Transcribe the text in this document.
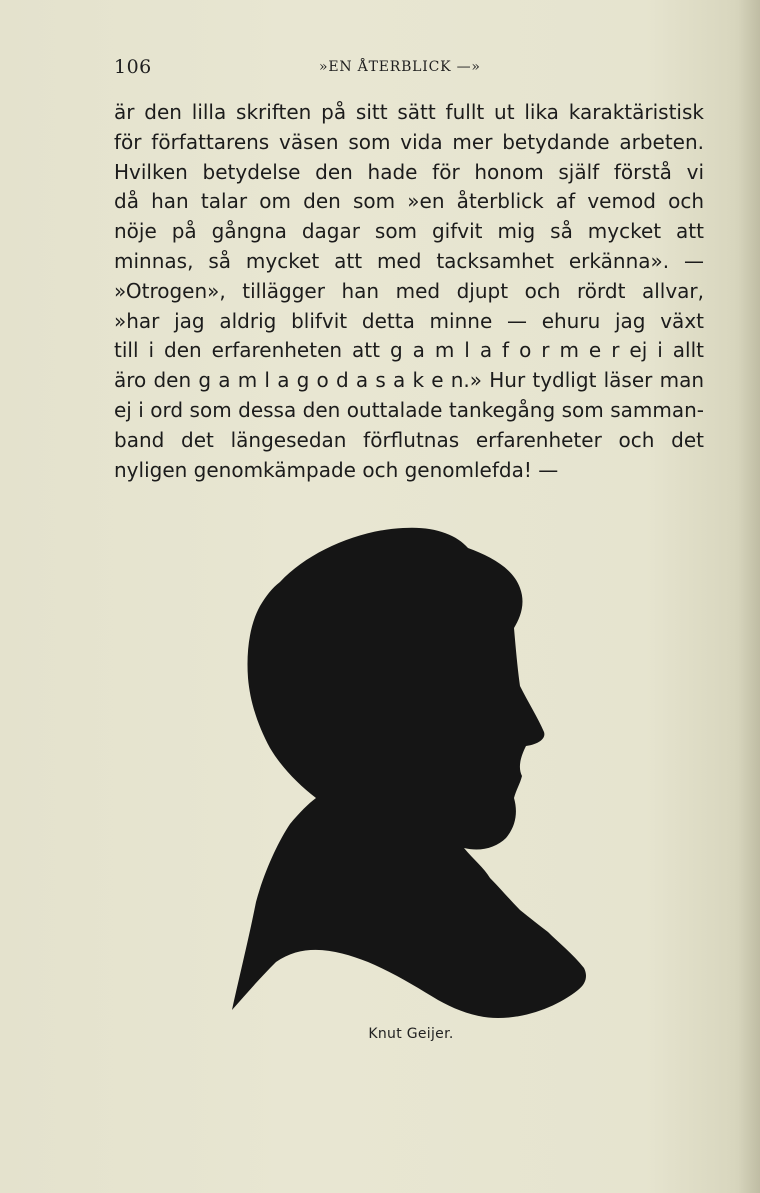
106	»EN ÅTERBLICK —»
är den lilla skriften på sitt sätt fullt ut lika karaktäristisk
för författarens väsen som vida mer betydande arbeten.
Hvilken betydelse den hade för honom själf förstå vi
då han talar om den som »en återblick af vemod och
nöje på gångna dagar som gifvit mig så mycket att
minnas, så mycket att med tacksamhet erkänna». —
»Otrogen», tillägger han med djupt och rördt allvar,
»har jag aldrig blifvit detta minne — ehuru jag växt
till i den erfarenheten att g a m l a f o r m e r ej i allt
äro den g a m l a g o d a s a k e n.» Hur tydligt läser man
ej i ord som dessa den outtalade tankegång som samman-
band det längesedan förflutnas erfarenheter och det
nyligen genomkämpade och genomlefda! —
Knut Geijer.
